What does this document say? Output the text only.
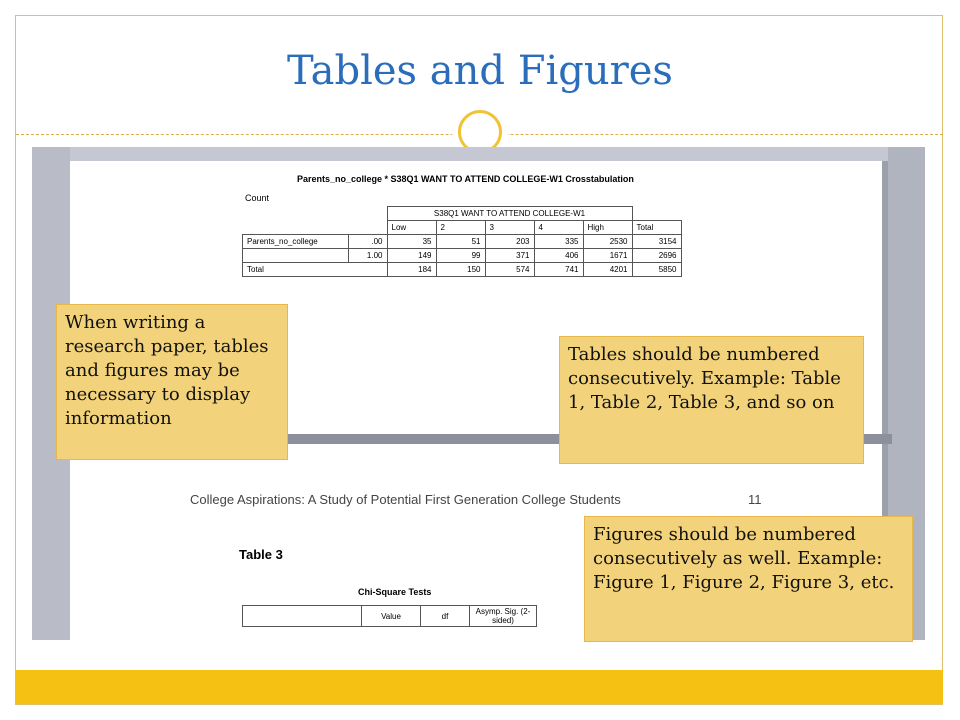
Tables and Figures
Parents_no_college * S38Q1 WANT TO ATTEND COLLEGE-W1 Crosstabulation
Count
		S38Q1 WANT TO ATTEND COLLEGE-W1					
		Low	2	3	4	High	Total
Parents_no_college	.00	35	51	203	335	2530	3154
	1.00	149	99	371	406	1671	2696
Total		184	150	574	741	4201	5850
College Aspirations: A Study of Potential First Generation College Students	11
Table 3
Chi-Square Tests
	Value	df	Asymp. Sig. (2-sided)
When writing a research paper, tables and figures may be necessary to display information
Tables should be numbered consecutively. Example: Table 1, Table 2, Table 3, and so on
Figures should be numbered consecutively as well. Example: Figure 1, Figure 2, Figure 3, etc.
